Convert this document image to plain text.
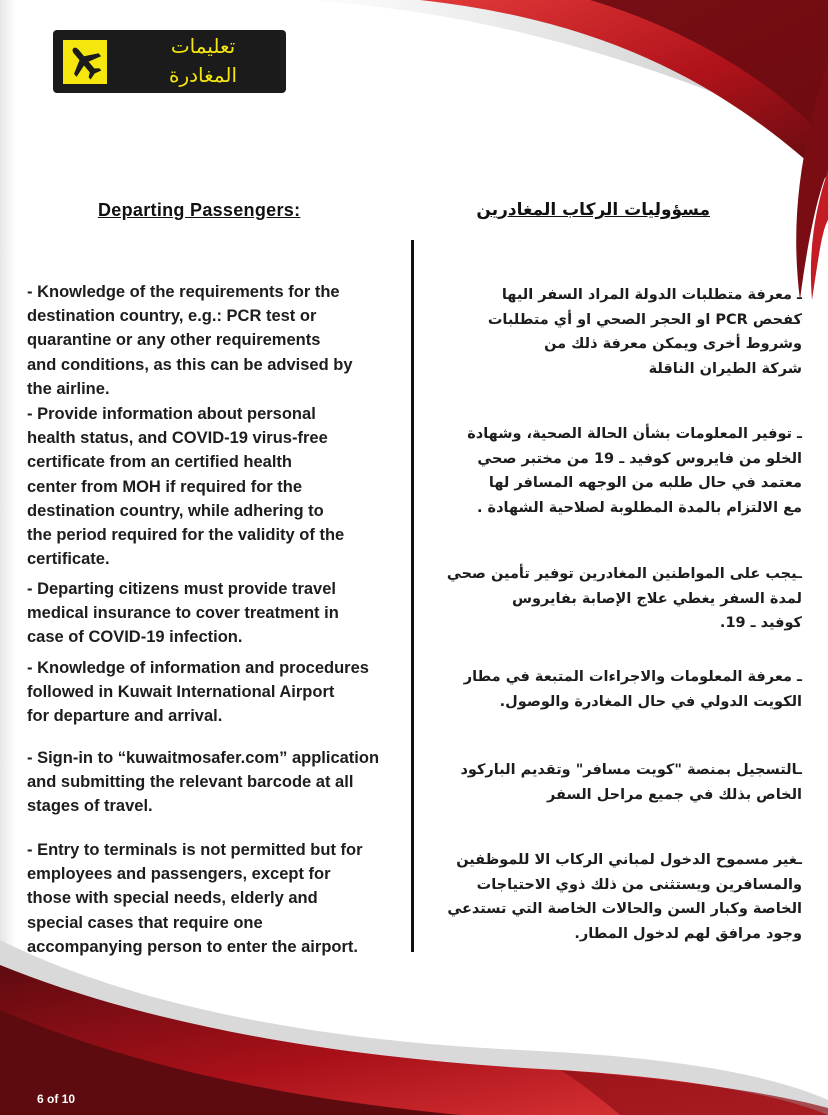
تعليمات
المغادرة
Departing Passengers:	مسؤوليات الركاب المغادرين
- Knowledge of the requirements for the
destination country, e.g.: PCR test or
quarantine or any other requirements
and conditions, as this can be advised by
the airline.
- Provide information about personal
health status, and COVID-19 virus-free
certificate from an certified health
center from MOH if required for the
destination country, while adhering to
the period required for the validity of the
certificate.
- Departing citizens must provide travel
medical insurance to cover treatment in
case of COVID-19 infection.
- Knowledge of information and procedures
followed in Kuwait International Airport
for departure and arrival.
- Sign-in to “kuwaitmosafer.com” application
and submitting the relevant barcode at all
stages of travel.
- Entry to terminals is not permitted but for
employees and passengers, except for
those with special needs, elderly and
special cases that require one
accompanying person to enter the airport.
ـ معرفة متطلبات الدولة المراد السفر اليها
كفحص PCR او الحجر الصحي او أي متطلبات
وشروط أخرى ويمكن معرفة ذلك من
شركة الطيران الناقلة
ـ توفير المعلومات بشأن الحالة الصحية، وشهادة
الخلو من فايروس كوفيد ـ 19 من مختبر صحي
معتمد في حال طلبه من الوجهه المسافر لها
مع الالتزام بالمدة المطلوبة لصلاحية الشهادة .
ـيجب على المواطنين المغادرين توفير تأمين صحي
لمدة السفر يغطي علاج الإصابة بفايروس
كوفيد ـ 19.
ـ معرفة المعلومات والاجراءات المتبعة في مطار
الكويت الدولي في حال المغادرة والوصول.
ـالتسجيل بمنصة "كويت مسافر" وتقديم الباركود
الخاص بذلك في جميع مراحل السفر
ـغير مسموح الدخول لمباني الركاب الا للموظفين
والمسافرين ويستثنى من ذلك ذوي الاحتياجات
الخاصة وكبار السن والحالات الخاصة التي تستدعي
وجود مرافق لهم لدخول المطار.
6 of 10
